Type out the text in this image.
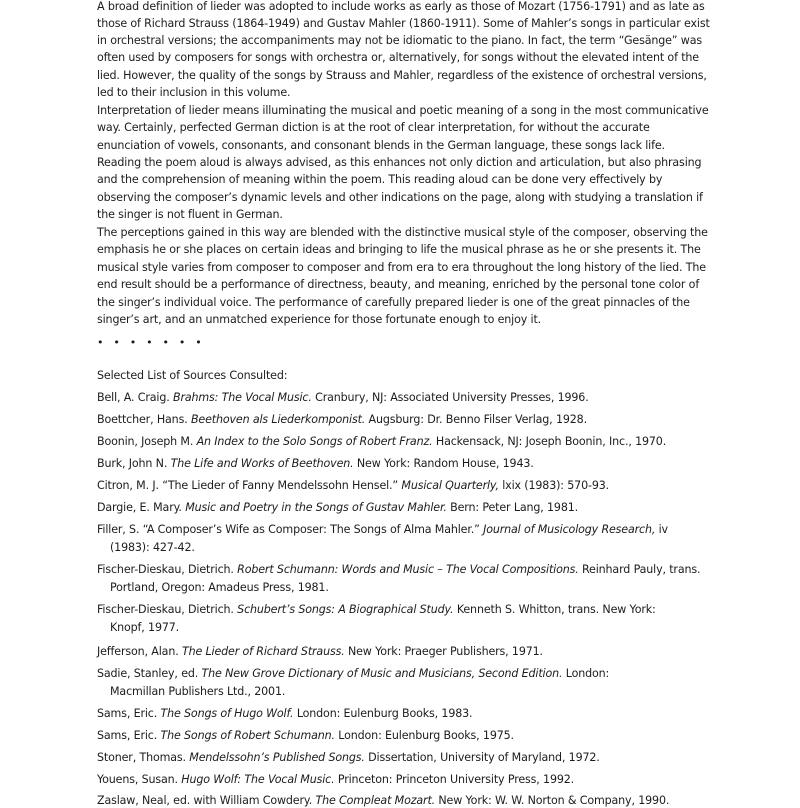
A broad definition of lieder was adopted to include works as early as those of Mozart (1756-1791) and as late as
those of Richard Strauss (1864-1949) and Gustav Mahler (1860-1911). Some of Mahler’s songs in particular exist
in orchestral versions; the accompaniments may not be idiomatic to the piano. In fact, the term “Gesänge” was
often used by composers for songs with orchestra or, alternatively, for songs without the elevated intent of the
lied. However, the quality of the songs by Strauss and Mahler, regardless of the existence of orchestral versions,
led to their inclusion in this volume.
Interpretation of lieder means illuminating the musical and poetic meaning of a song in the most communicative
way. Certainly, perfected German diction is at the root of clear interpretation, for without the accurate
enunciation of vowels, consonants, and consonant blends in the German language, these songs lack life.
Reading the poem aloud is always advised, as this enhances not only diction and articulation, but also phrasing
and the comprehension of meaning within the poem. This reading aloud can be done very effectively by
observing the composer’s dynamic levels and other indications on the page, along with studying a translation if
the singer is not fluent in German.
The perceptions gained in this way are blended with the distinctive musical style of the composer, observing the
emphasis he or she places on certain ideas and bringing to life the musical phrase as he or she presents it. The
musical style varies from composer to composer and from era to era throughout the long history of the lied. The
end result should be a performance of directness, beauty, and meaning, enriched by the personal tone color of
the singer’s individual voice. The performance of carefully prepared lieder is one of the great pinnacles of the
singer’s art, and an unmatched experience for those fortunate enough to enjoy it.
• • • • • • •
Selected List of Sources Consulted:
Bell, A. Craig. Brahms: The Vocal Music. Cranbury, NJ: Associated University Presses, 1996.
Boettcher, Hans. Beethoven als Liederkomponist. Augsburg: Dr. Benno Filser Verlag, 1928.
Boonin, Joseph M. An Index to the Solo Songs of Robert Franz. Hackensack, NJ: Joseph Boonin, Inc., 1970.
Burk, John N. The Life and Works of Beethoven. New York: Random House, 1943.
Citron, M. J. “The Lieder of Fanny Mendelssohn Hensel.” Musical Quarterly, lxix (1983): 570-93.
Dargie, E. Mary. Music and Poetry in the Songs of Gustav Mahler. Bern: Peter Lang, 1981.
Filler, S. “A Composer’s Wife as Composer: The Songs of Alma Mahler.” Journal of Musicology Research, iv
(1983): 427-42.
Fischer-Dieskau, Dietrich. Robert Schumann: Words and Music – The Vocal Compositions. Reinhard Pauly, trans.
Portland, Oregon: Amadeus Press, 1981.
Fischer-Dieskau, Dietrich. Schubert’s Songs: A Biographical Study. Kenneth S. Whitton, trans. New York:
Knopf, 1977.
Jefferson, Alan. The Lieder of Richard Strauss. New York: Praeger Publishers, 1971.
Sadie, Stanley, ed. The New Grove Dictionary of Music and Musicians, Second Edition. London:
Macmillan Publishers Ltd., 2001.
Sams, Eric. The Songs of Hugo Wolf. London: Eulenburg Books, 1983.
Sams, Eric. The Songs of Robert Schumann. London: Eulenburg Books, 1975.
Stoner, Thomas. Mendelssohn’s Published Songs. Dissertation, University of Maryland, 1972.
Youens, Susan. Hugo Wolf: The Vocal Music. Princeton: Princeton University Press, 1992.
Zaslaw, Neal, ed. with William Cowdery. The Compleat Mozart. New York: W. W. Norton & Company, 1990.
